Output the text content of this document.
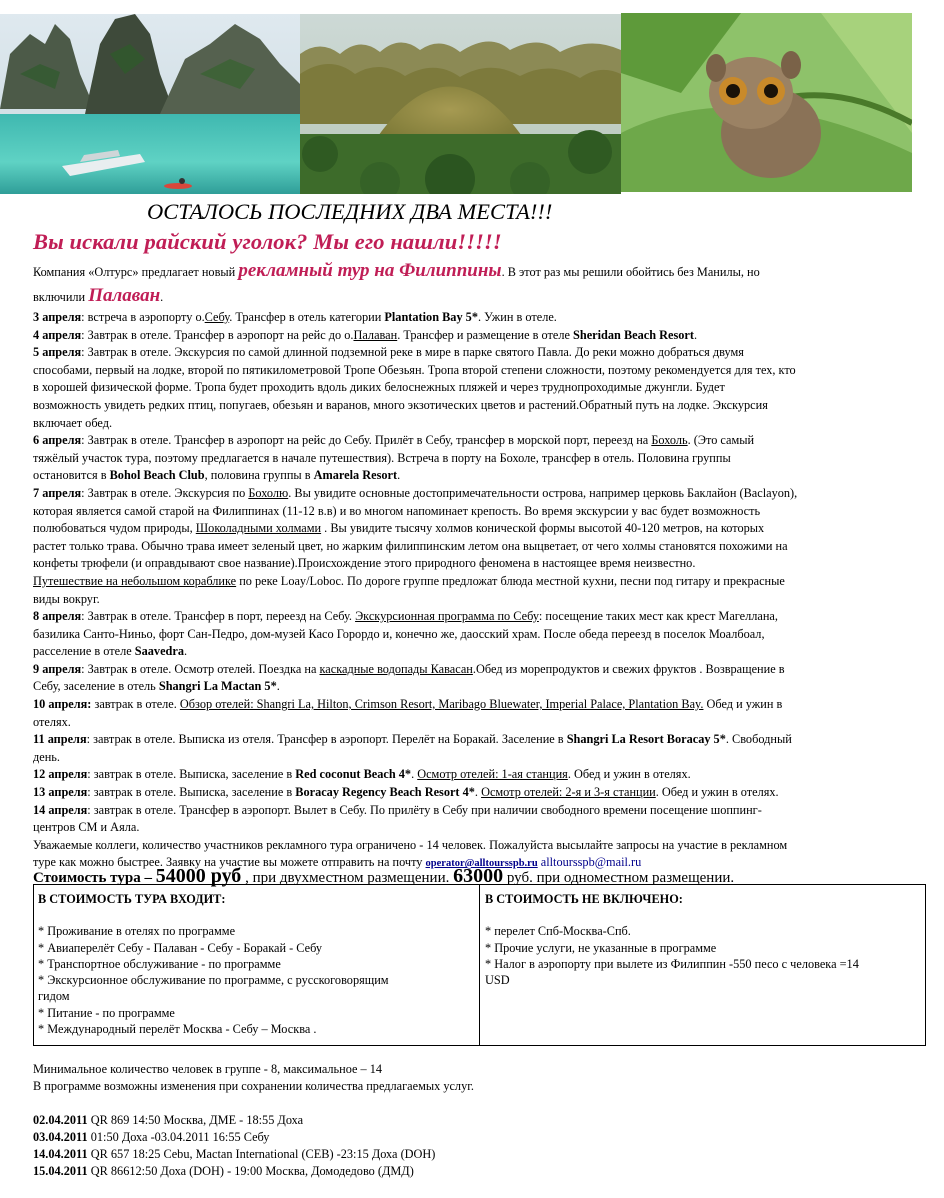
ОСТАЛОСЬ ПОСЛЕДНИХ ДВА МЕСТА!!!
Вы искали райский уголок? Мы его нашли!!!!!

Компания «Олтурс» предлагает новый рекламный тур на Филиппины. В этот раз мы решили обойтись без Манилы, но

включили Палаван.

3 апреля: встреча в аэропорту о.Себу. Трансфер в отель категории Plantation Bay 5*. Ужин в отеле.

4 апреля: Завтрак в отеле. Трансфер в аэропорт на рейс до о.Палаван. Трансфер и размещение в отеле Sheridan Beach Resort.

5 апреля: Завтрак в отеле. Экскурсия по самой длинной подземной реке в мире в парке святого Павла. До реки можно добраться двумя

способами, первый на лодке, второй по пятикилометровой Тропе Обезьян. Тропа второй степени сложности, поэтому рекомендуется для тех, кто

в хорошей физической форме. Тропа будет проходить вдоль диких белоснежных пляжей и через труднопроходимые джунгли. Будет

возможность увидеть редких птиц, попугаев, обезьян и варанов, много экзотических цветов и растений.Обратный путь на лодке. Экскурсия

включает обед.

6 апреля: Завтрак в отеле. Трансфер в аэропорт на рейс до Себу. Прилёт в Себу, трансфер в морской порт, переезд на Бохоль. (Это самый

тяжёлый участок тура, поэтому предлагается в начале путешествия). Встреча в порту на Бохоле, трансфер в отель. Половина группы

остановится в Bohol Beach Club, половина группы в Amarela Resort.

7 апреля: Завтрак в отеле. Экскурсия по Бохолю. Вы увидите основные достопримечательности острова, например церковь Баклайон (Baclayon),

которая является самой старой на Филиппинах (11-12 в.в) и во многом напоминает крепость. Во время экскурсии у вас будет возможность

полюбоваться чудом природы, Шоколадными холмами . Вы увидите тысячу холмов конической формы высотой 40-120 метров, на которых

растет только трава. Обычно трава имеет зеленый цвет, но жарким филиппинским летом она выцветает, от чего холмы становятся похожими на

конфеты трюфели (и оправдывают свое название).Происхождение этого природного феномена в настоящее время неизвестно.

Путешествие на небольшом кораблике по реке Loay/Loboc. По дороге группе предложат блюда местной кухни, песни под гитару и прекрасные

виды вокруг.

8 апреля: Завтрак в отеле. Трансфер в порт, переезд на Себу. Экскурсионная программа по Себу: посещение таких мест как крест Магеллана,

базилика Санто-Ниньо, форт Сан-Педро, дом-музей Касо Горордо и, конечно же, даосский храм. После обеда переезд в поселок Моалбоал,

расселение в отеле Saavedra.

9 апреля: Завтрак в отеле. Осмотр отелей. Поездка на каскадные водопады Кавасан.Обед из морепродуктов и свежих фруктов . Возвращение в

Себу, заселение в отель Shangri La Mactan 5*.

10 апреля: завтрак в отеле. Обзор отелей: Shangri La, Hilton, Crimson Resort, Maribago Bluewater, Imperial Palace, Plantation Bay. Обед и ужин в

отелях.

11 апреля: завтрак в отеле. Выписка из отеля. Трансфер в аэропорт. Перелёт на Боракай. Заселение в Shangri La Resort Boracay 5*. Свободный

день.

12 апреля: завтрак в отеле. Выписка, заселение в Red coconut Beach 4*. Осмотр отелей: 1-ая станция. Обед и ужин в отелях.

13 апреля: завтрак в отеле. Выписка, заселение в Boracay Regency Beach Resort 4*. Осмотр отелей: 2-я и 3-я станции. Обед и ужин в отелях.

14 апреля: завтрак в отеле. Трансфер в аэропорт. Вылет в Себу. По прилёту в Себу при наличии свободного времени посещение шоппинг-

центров СМ и Аяла.

Уважаемые коллеги, количество участников рекламного тура ограничено - 14 человек. Пожалуйста высылайте запросы на участие в рекламном

туре как можно быстрее. Заявку на участие вы можете отправить на почту operator@alltoursspb.ru alltoursspb@mail.ru

Стоимость тура – 54000 руб , при двухместном размещении. 63000 руб. при одноместном размещении.
В СТОИМОСТЬ ТУРА ВХОДИТ:
* Проживание в отелях по программе
* Авиаперелёт Себу - Палаван - Себу - Боракай - Себу
* Транспортное обслуживание - по программе
* Экскурсионное обслуживание по программе, с русскоговорящим
гидом
* Питание - по программе
* Международный перелёт Москва - Себу – Москва .
В СТОИМОСТЬ НЕ ВКЛЮЧЕНО:
* перелет Спб-Москва-Спб.
* Прочие услуги, не указанные в программе
* Налог в аэропорту при вылете из Филиппин -550 песо с человека =14
USD
Минимальное количество человек в группе - 8, максимальное – 14
В программе возможны изменения при сохранении количества предлагаемых услуг.
02.04.2011 QR 869 14:50 Москва, ДМЕ - 18:55 Доха
03.04.2011 01:50 Доха -03.04.2011 16:55 Себу
14.04.2011 QR 657 18:25 Cebu, Mactan International (CEB) -23:15 Доха (DOH)
15.04.2011 QR 86612:50 Доха (DOH) - 19:00 Москва, Домодедово (ДМД)
